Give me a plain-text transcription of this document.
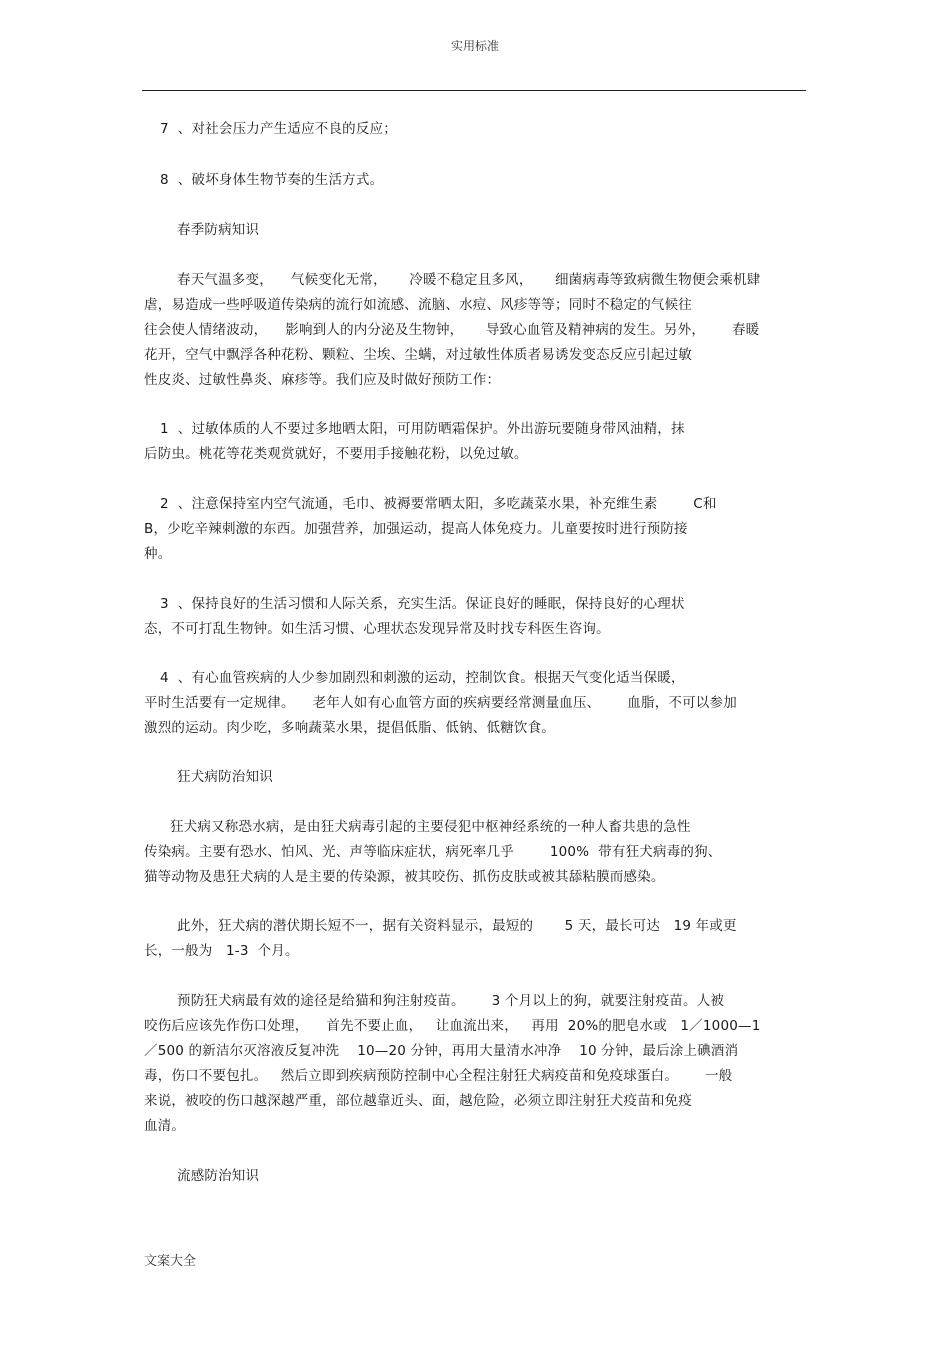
实用标准
7  、对社会压力产生适应不良的反应；
8  、破坏身体生物节奏的生活方式。
春季防病知识
春天气温多变，    气候变化无常，     冷暖不稳定且多风，     细菌病毒等致病微生物便会乘机肆
虐，易造成一些呼吸道传染病的流行如流感、流脑、水痘、风疹等等；同时不稳定的气候往
往会使人情绪波动，    影响到人的内分泌及生物钟，     导致心血管及精神病的发生。另外，      春暖
花开，空气中飘浮各种花粉、颗粒、尘埃、尘螨，对过敏性体质者易诱发变态反应引起过敏
性皮炎、过敏性鼻炎、麻疹等。我们应及时做好预防工作：
1  、过敏体质的人不要过多地晒太阳，可用防晒霜保护。外出游玩要随身带风油精，抹
后防虫。桃花等花类观赏就好，不要用手接触花粉，以免过敏。
2  、注意保持室内空气流通，毛巾、被褥要常晒太阳，多吃蔬菜水果，补充维生素        C和
B，少吃辛辣刺激的东西。加强营养，加强运动，提高人体免疫力。儿童要按时进行预防接
种。
3  、保持良好的生活习惯和人际关系，充实生活。保证良好的睡眠，保持良好的心理状
态，不可打乱生物钟。如生活习惯、心理状态发现异常及时找专科医生咨询。
4  、有心血管疾病的人少参加剧烈和刺激的运动，控制饮食。根据天气变化适当保暖，
平时生活要有一定规律。    老年人如有心血管方面的疾病要经常测量血压、      血脂，不可以参加
激烈的运动。肉少吃，多响蔬菜水果，提倡低脂、低钠、低糖饮食。
狂犬病防治知识
狂犬病又称恐水病，是由狂犬病毒引起的主要侵犯中枢神经系统的一种人畜共患的急性
传染病。主要有恐水、怕风、光、声等临床症状，病死率几乎        100%  带有狂犬病毒的狗、
猫等动物及患狂犬病的人是主要的传染源，被其咬伤、抓伤皮肤或被其舔粘膜而感染。
此外，狂犬病的潜伏期长短不一，据有关资料显示，最短的       5 天，最长可达   19 年或更
长，一般为   1-3  个月。
预防狂犬病最有效的途径是给猫和狗注射疫苗。      3 个月以上的狗，就要注射疫苗。人被
咬伤后应该先作伤口处理，    首先不要止血，   让血流出来，   再用  20%的肥皂水或   1／1000—1
／500 的新洁尔灭溶液反复冲洗    10—20 分钟，再用大量清水冲净    10 分钟，最后涂上碘酒消
毒，伤口不要包扎。   然后立即到疾病预防控制中心全程注射狂犬病疫苗和免疫球蛋白。      一般
来说，被咬的伤口越深越严重，部位越靠近头、面，越危险，必须立即注射狂犬疫苗和免疫
血清。
流感防治知识
文案大全
